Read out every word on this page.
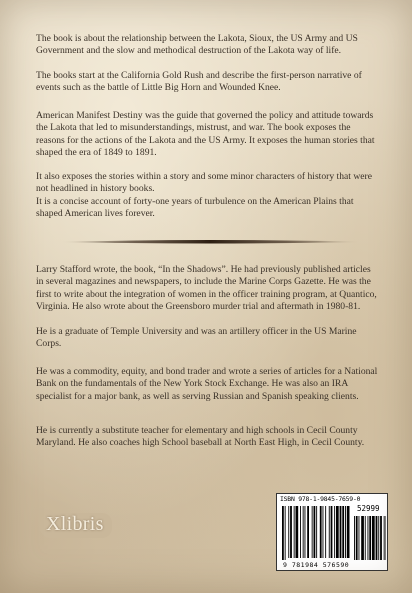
The book is about the relationship between the Lakota, Sioux, the US Army and US Government and the slow and methodical destruction of the Lakota way of life.

The books start at the California Gold Rush and describe the first-person narrative of events such as the battle of Little Big Horn and Wounded Knee.

American Manifest Destiny was the guide that governed the policy and attitude towards the Lakota that led to misunderstandings, mistrust, and war. The book exposes the reasons for the actions of the Lakota and the US Army. It exposes the human stories that shaped the era of 1849 to 1891.

It also exposes the stories within a story and some minor characters of history that were not headlined in history books.

It is a concise account of forty-one years of turbulence on the American Plains that shaped American lives forever.

Larry Stafford wrote, the book, “In the Shadows”. He had previously published articles in several magazines and newspapers, to include the Marine Corps Gazette. He was the first to write about the integration of women in the officer training program, at Quantico, Virginia. He also wrote about the Greensboro murder trial and aftermath in 1980-81.

He is a graduate of Temple University and was an artillery officer in the US Marine Corps.

He was a commodity, equity, and bond trader and wrote a series of articles for a National Bank on the fundamentals of the New York Stock Exchange. He was also an IRA specialist for a major bank, as well as serving Russian and Spanish speaking clients.

He is currently a substitute teacher for elementary and high schools in Cecil County Maryland. He also coaches high School baseball at North East High, in Cecil County.

Xlibris
ISBN 978-1-9845-7659-0
52999
9 781984 576590
